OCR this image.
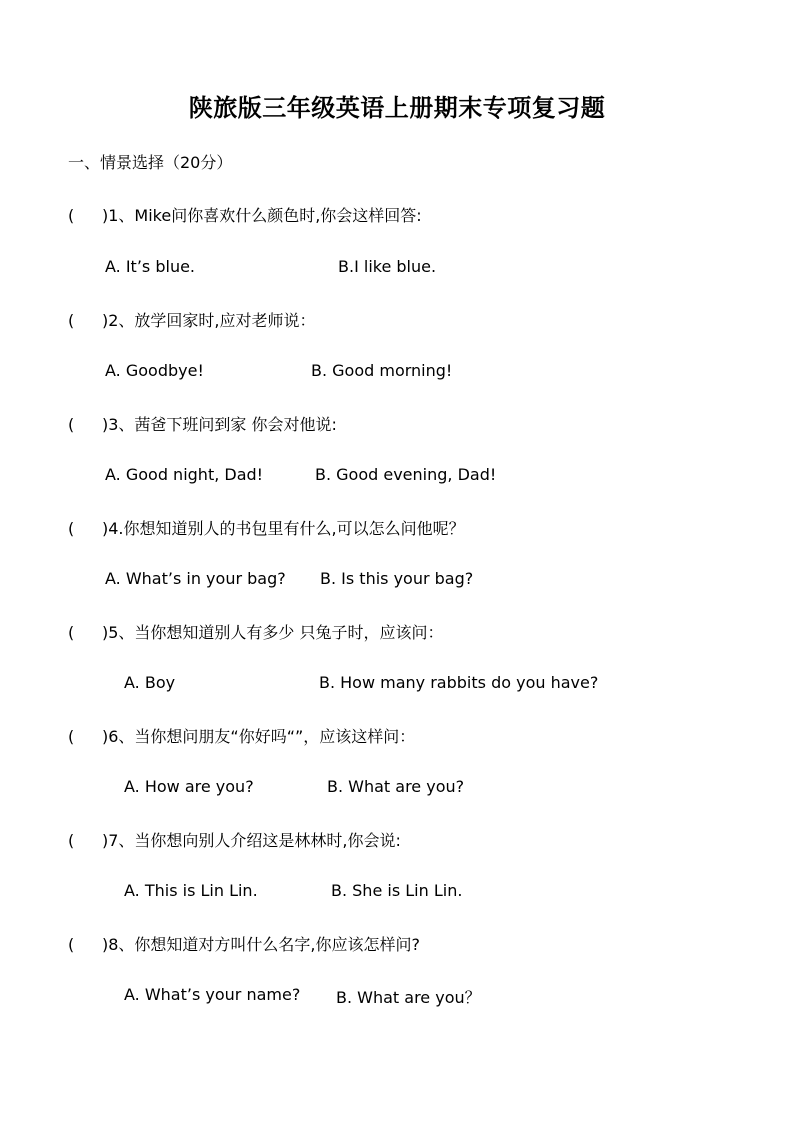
陕旅版三年级英语上册期末专项复习题
一、情景选择（20分）
( )1、Mike问你喜欢什么颜色时,你会这样回答:
A. It’s blue.	B.I like blue.
( )2、放学回家时,应对老师说：
A. Goodbye!	B. Good morning!
( )3、茜爸下班问到家 你会对他说:
A. Good night, Dad!	B. Good evening, Dad!
( )4.你想知道别人的书包里有什么,可以怎么问他呢？
A. What’s in your bag? B. Is this your bag?
( )5、当你想知道别人有多少 只兔子时，应该问：
A. Boy	B. How many rabbits do you have?
( )6、当你想问朋友“你好吗“”，应该这样问：
A. How are you?	B. What are you?
( )7、当你想向别人介绍这是林林时,你会说:
A. This is Lin Lin.	B. She is Lin Lin.
( )8、你想知道对方叫什么名字,你应该怎样问?
A. What’s your name? B. What are you？
